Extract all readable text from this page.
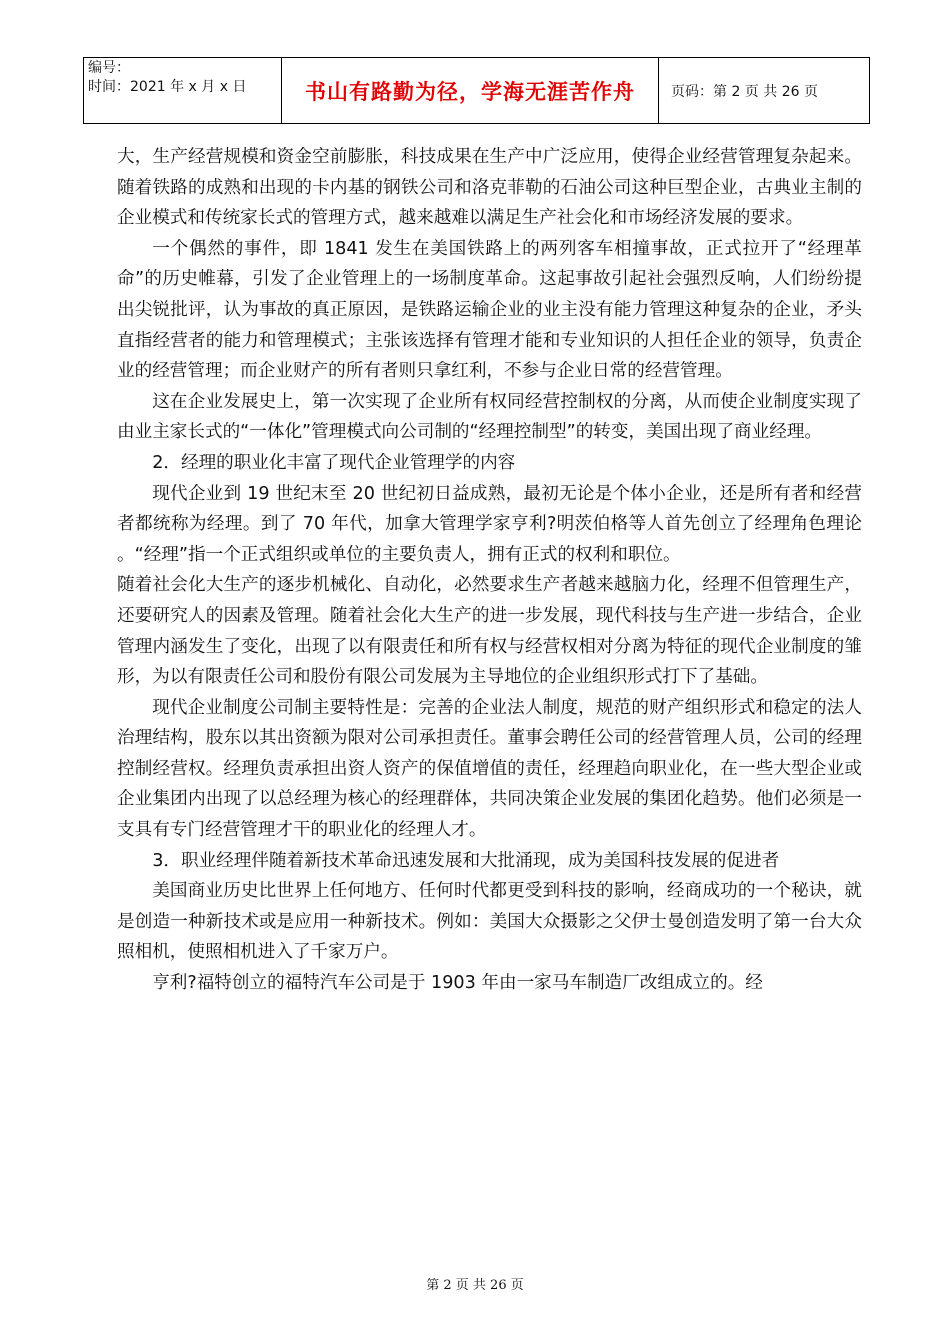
编号：
时间：2021 年 x 月 x 日	书山有路勤为径，学海无涯苦作舟	页码：第 2 页 共 26 页

大，生产经营规模和资金空前膨胀，科技成果在生产中广泛应用，使得企业经营管理复杂起来。随着铁路的成熟和出现的卡内基的钢铁公司和洛克菲勒的石油公司这种巨型企业，古典业主制的企业模式和传统家长式的管理方式，越来越难以满足生产社会化和市场经济发展的要求。

一个偶然的事件，即 1841 发生在美国铁路上的两列客车相撞事故，正式拉开了“经理革命”的历史帷幕，引发了企业管理上的一场制度革命。这起事故引起社会强烈反响，人们纷纷提出尖锐批评，认为事故的真正原因，是铁路运输企业的业主没有能力管理这种复杂的企业，矛头直指经营者的能力和管理模式；主张该选择有管理才能和专业知识的人担任企业的领导，负责企业的经营管理；而企业财产的所有者则只拿红利，不参与企业日常的经营管理。

这在企业发展史上，第一次实现了企业所有权同经营控制权的分离，从而使企业制度实现了由业主家长式的“一体化”管理模式向公司制的“经理控制型”的转变，美国出现了商业经理。

2．经理的职业化丰富了现代企业管理学的内容

现代企业到 19 世纪末至 20 世纪初日益成熟，最初无论是个体小企业，还是所有者和经营者都统称为经理。到了 70 年代，加拿大管理学家亨利?明茨伯格等人首先创立了经理角色理论 。“经理”指一个正式组织或单位的主要负责人，拥有正式的权利和职位。

随着社会化大生产的逐步机械化、自动化，必然要求生产者越来越脑力化，经理不但管理生产，还要研究人的因素及管理。随着社会化大生产的进一步发展，现代科技与生产进一步结合，企业管理内涵发生了变化，出现了以有限责任和所有权与经营权相对分离为特征的现代企业制度的雏形，为以有限责任公司和股份有限公司发展为主导地位的企业组织形式打下了基础。

现代企业制度公司制主要特性是：完善的企业法人制度，规范的财产组织形式和稳定的法人治理结构，股东以其出资额为限对公司承担责任。董事会聘任公司的经营管理人员，公司的经理控制经营权。经理负责承担出资人资产的保值增值的责任，经理趋向职业化，在一些大型企业或企业集团内出现了以总经理为核心的经理群体，共同决策企业发展的集团化趋势。他们必须是一支具有专门经营管理才干的职业化的经理人才。

3．职业经理伴随着新技术革命迅速发展和大批涌现，成为美国科技发展的促进者

美国商业历史比世界上任何地方、任何时代都更受到科技的影响，经商成功的一个秘诀，就是创造一种新技术或是应用一种新技术。例如：美国大众摄影之父伊士曼创造发明了第一台大众照相机，使照相机进入了千家万户。

亨利?福特创立的福特汽车公司是于 1903 年由一家马车制造厂改组成立的。经

第 2 页 共 26 页
